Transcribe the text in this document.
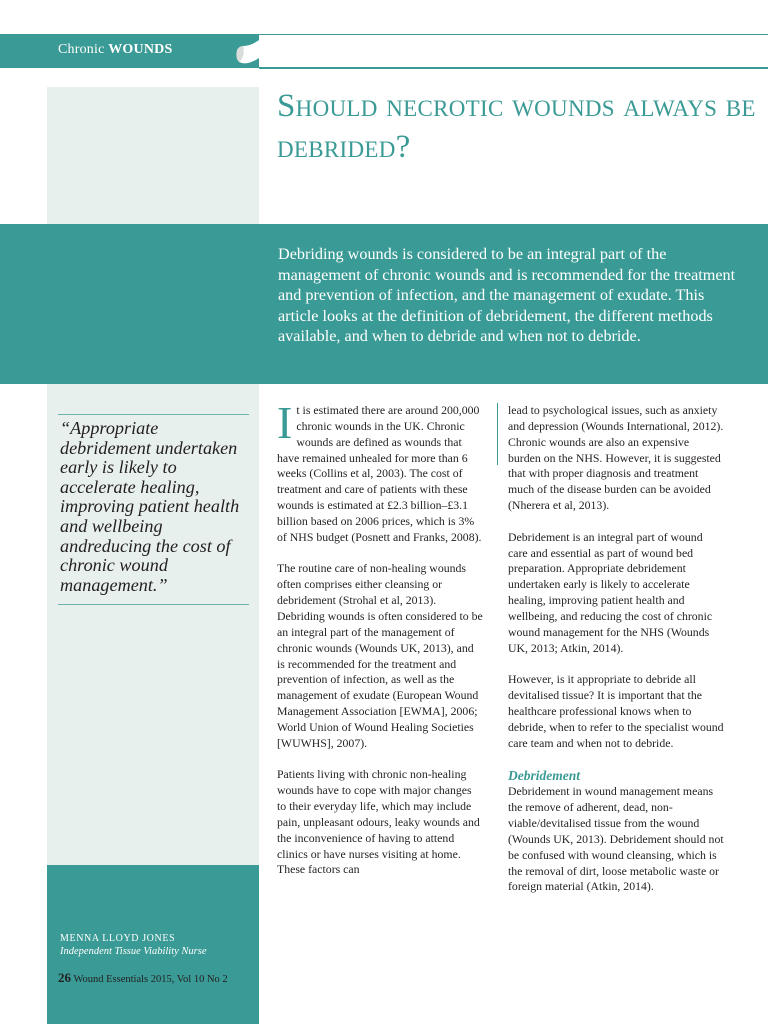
Chronic WOUNDS
Should necrotic wounds always be debrided?

Debriding wounds is considered to be an integral part of the management of chronic wounds and is recommended for the treatment and prevention of infection, and the management of exudate. This article looks at the definition of debridement, the different methods available, and when to debride and when not to debride.

“Appropriate debridement undertaken early is likely to accelerate healing, improving patient health and wellbeing andreducing the cost of chronic wound management.”

MENNA LLOYD JONES
Independent Tissue Viability Nurse
26 Wound Essentials 2015, Vol 10 No 2

It is estimated there are around 200,000 chronic wounds in the UK. Chronic wounds are defined as wounds that have remained unhealed for more than 6 weeks (Collins et al, 2003). The cost of treatment and care of patients with these wounds is estimated at £2.3 billion–£3.1 billion based on 2006 prices, which is 3% of NHS budget (Posnett and Franks, 2008).

The routine care of non-healing wounds often comprises either cleansing or debridement (Strohal et al, 2013). Debriding wounds is often considered to be an integral part of the management of chronic wounds (Wounds UK, 2013), and is recommended for the treatment and prevention of infection, as well as the management of exudate (European Wound Management Association [EWMA], 2006; World Union of Wound Healing Societies [WUWHS], 2007).

Patients living with chronic non-healing wounds have to cope with major changes to their everyday life, which may include pain, unpleasant odours, leaky wounds and the inconvenience of having to attend clinics or have nurses visiting at home. These factors can

lead to psychological issues, such as anxiety and depression (Wounds International, 2012). Chronic wounds are also an expensive burden on the NHS. However, it is suggested that with proper diagnosis and treatment much of the disease burden can be avoided (Nherera et al, 2013).

Debridement is an integral part of wound care and essential as part of wound bed preparation. Appropriate debridement undertaken early is likely to accelerate healing, improving patient health and wellbeing, and reducing the cost of chronic wound management for the NHS (Wounds UK, 2013; Atkin, 2014).

However, is it appropriate to debride all devitalised tissue? It is important that the healthcare professional knows when to debride, when to refer to the specialist wound care team and when not to debride.

Debridement

Debridement in wound management means the remove of adherent, dead, non-viable/devitalised tissue from the wound (Wounds UK, 2013). Debridement should not be confused with wound cleansing, which is the removal of dirt, loose metabolic waste or foreign material (Atkin, 2014).
